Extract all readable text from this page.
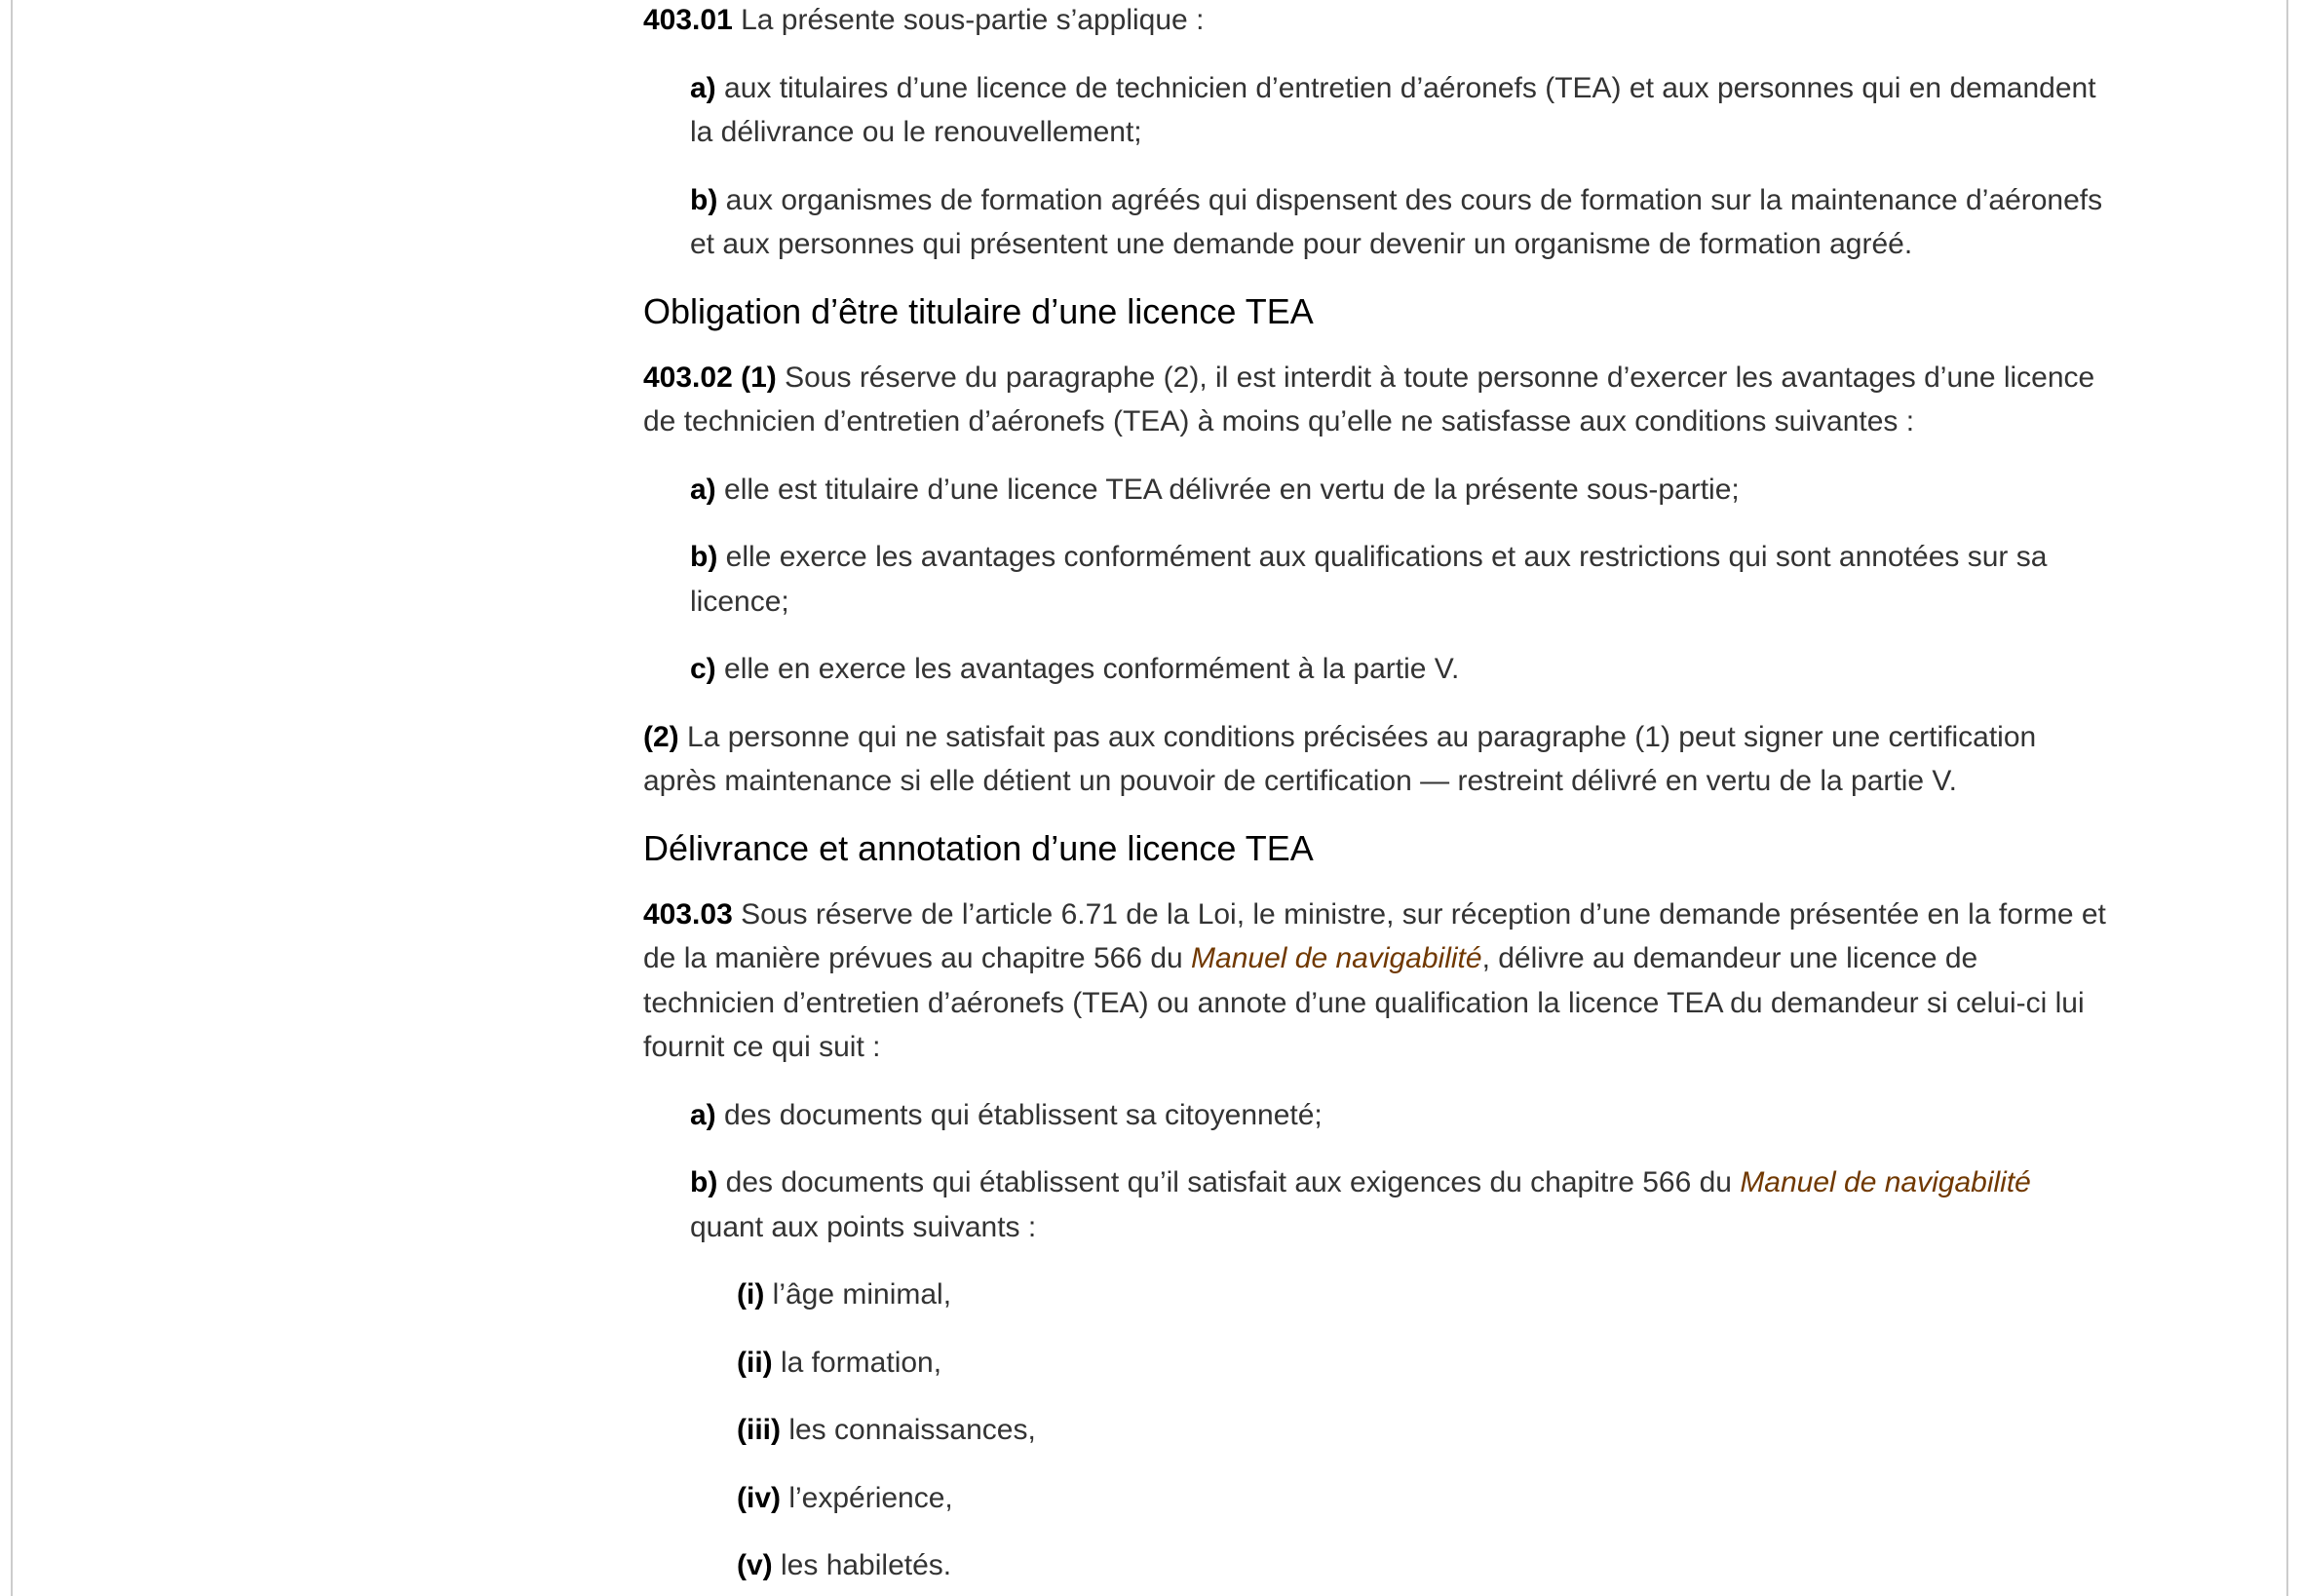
403.01 La présente sous-partie s’applique :

a) aux titulaires d’une licence de technicien d’entretien d’aéronefs (TEA) et aux personnes qui en demandent
la délivrance ou le renouvellement;

b) aux organismes de formation agréés qui dispensent des cours de formation sur la maintenance d’aéronefs
et aux personnes qui présentent une demande pour devenir un organisme de formation agréé.

Obligation d’être titulaire d’une licence TEA

403.02 (1) Sous réserve du paragraphe (2), il est interdit à toute personne d’exercer les avantages d’une licence
de technicien d’entretien d’aéronefs (TEA) à moins qu’elle ne satisfasse aux conditions suivantes :

a) elle est titulaire d’une licence TEA délivrée en vertu de la présente sous-partie;

b) elle exerce les avantages conformément aux qualifications et aux restrictions qui sont annotées sur sa
licence;

c) elle en exerce les avantages conformément à la partie V.

(2) La personne qui ne satisfait pas aux conditions précisées au paragraphe (1) peut signer une certification
après maintenance si elle détient un pouvoir de certification — restreint délivré en vertu de la partie V.

Délivrance et annotation d’une licence TEA

403.03 Sous réserve de l’article 6.71 de la Loi, le ministre, sur réception d’une demande présentée en la forme et
de la manière prévues au chapitre 566 du Manuel de navigabilité, délivre au demandeur une licence de
technicien d’entretien d’aéronefs (TEA) ou annote d’une qualification la licence TEA du demandeur si celui-ci lui
fournit ce qui suit :

a) des documents qui établissent sa citoyenneté;

b) des documents qui établissent qu’il satisfait aux exigences du chapitre 566 du Manuel de navigabilité
quant aux points suivants :

(i) l’âge minimal,

(ii) la formation,

(iii) les connaissances,

(iv) l’expérience,

(v) les habiletés.
